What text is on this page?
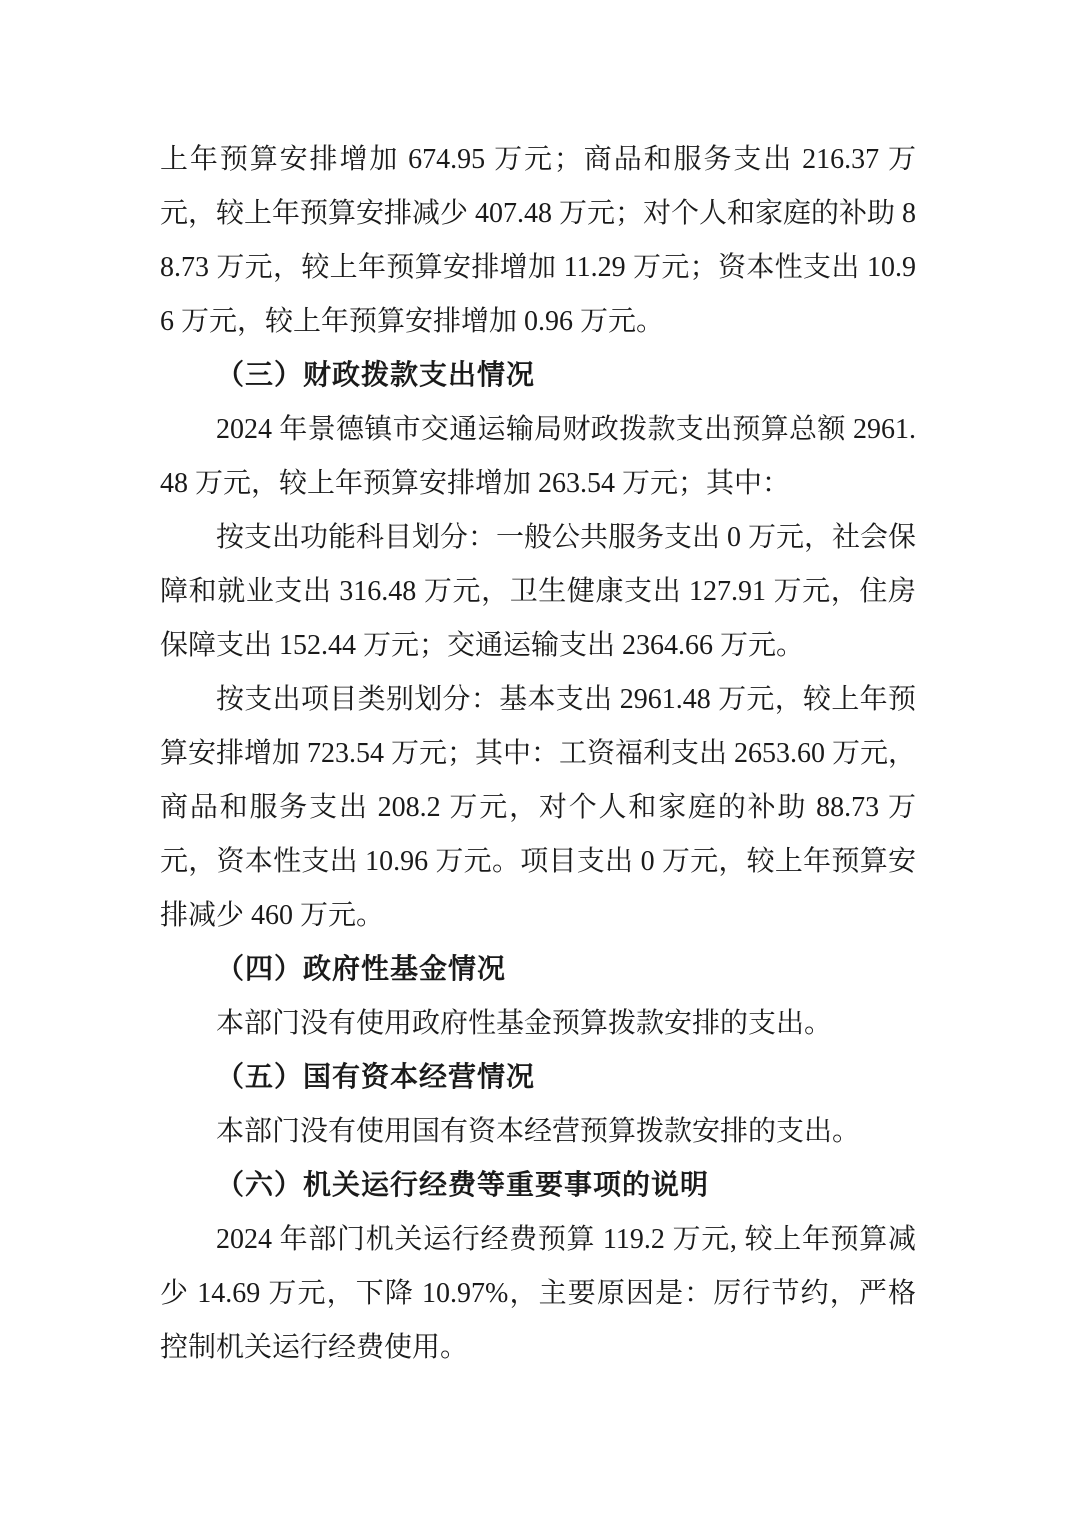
上年预算安排增加 674.95 万元；商品和服务支出 216.37 万元，较上年预算安排减少 407.48 万元；对个人和家庭的补助 88.73 万元，较上年预算安排增加 11.29 万元；资本性支出 10.96 万元，较上年预算安排增加 0.96 万元。

（三）财政拨款支出情况

2024 年景德镇市交通运输局财政拨款支出预算总额 2961.48 万元，较上年预算安排增加 263.54 万元；其中：

按支出功能科目划分：一般公共服务支出 0 万元，社会保障和就业支出 316.48 万元，卫生健康支出 127.91 万元，住房保障支出 152.44 万元；交通运输支出 2364.66 万元。

按支出项目类别划分：基本支出 2961.48 万元，较上年预算安排增加 723.54 万元；其中：工资福利支出 2653.60 万元，商品和服务支出 208.2 万元，对个人和家庭的补助 88.73 万元，资本性支出 10.96 万元。项目支出 0 万元，较上年预算安排减少 460 万元。

（四）政府性基金情况

本部门没有使用政府性基金预算拨款安排的支出。

（五）国有资本经营情况

本部门没有使用国有资本经营预算拨款安排的支出。

（六）机关运行经费等重要事项的说明

2024 年部门机关运行经费预算 119.2 万元, 较上年预算减少 14.69 万元，下降 10.97%，主要原因是：厉行节约，严格控制机关运行经费使用。
